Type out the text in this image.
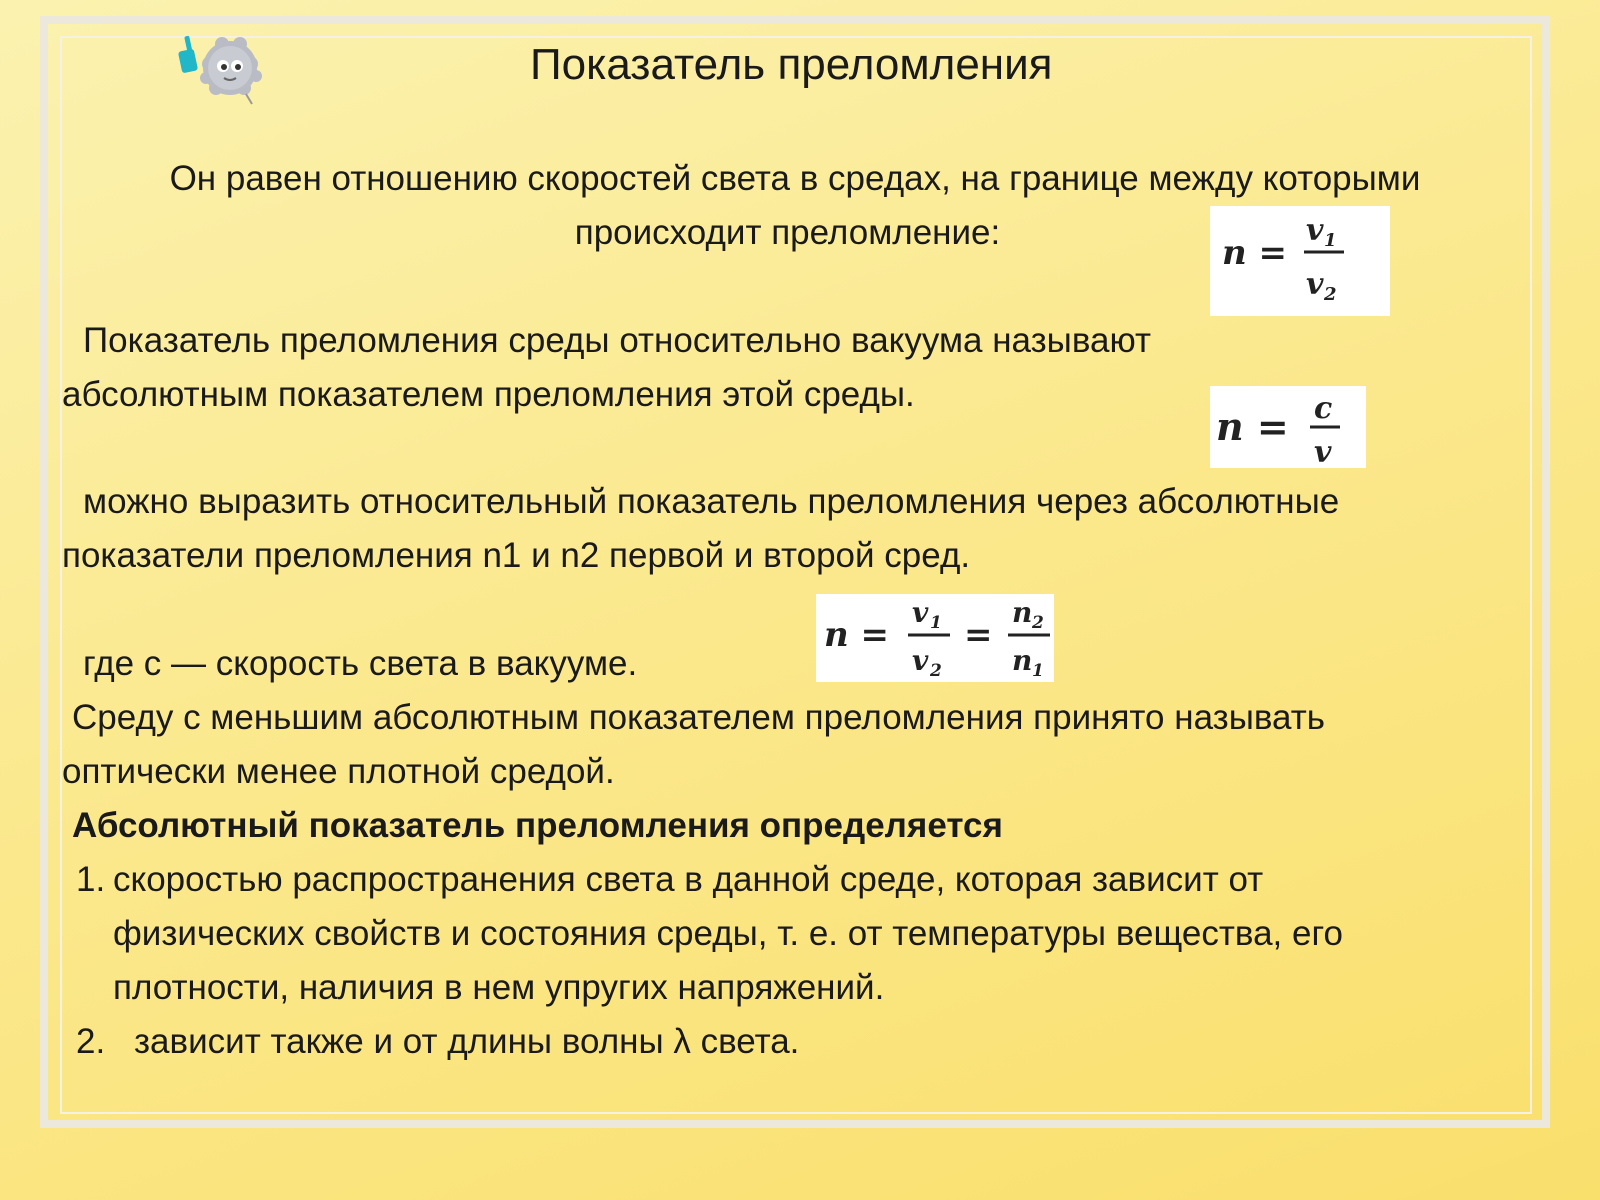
Показатель преломления
Он равен отношению скоростей света в средах, на границе между которыми
происходит преломление:
n =
v 1
v 2
Показатель преломления среды относительно вакуума называют
абсолютным показателем преломления этой среды.
n = c
v
можно выразить относительный показатель преломления через абсолютные
показатели преломления n1 и n2 первой и второй сред.
n =
v 1
v 2
=
n 2
n 1
где c — скорость света в вакууме.
Среду с меньшим абсолютным показателем преломления принято называть
оптически менее плотной средой.
Абсолютный показатель преломления определяется
1. скоростью распространения света в данной среде, которая зависит от
физических свойств и состояния среды, т. е. от температуры вещества, его
плотности, наличия в нем упругих напряжений.
2. зависит также и от длины волны λ света.
